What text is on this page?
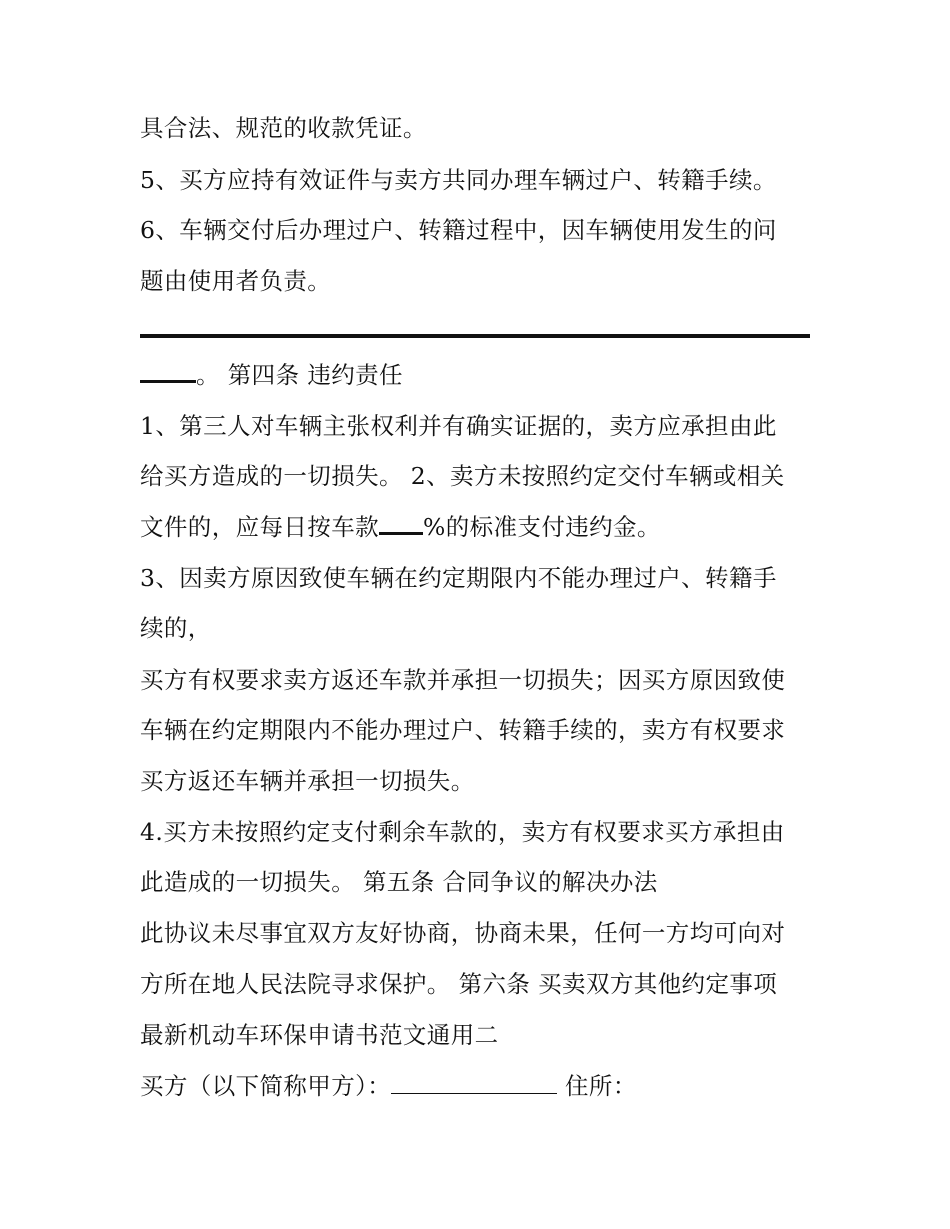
具合法、规范的收款凭证。
5、买方应持有效证件与卖方共同办理车辆过户、转籍手续。
6、车辆交付后办理过户、转籍过程中，因车辆使用发生的问
题由使用者负责。
。 第四条 违约责任
1、第三人对车辆主张权利并有确实证据的，卖方应承担由此
给买方造成的一切损失。 2、卖方未按照约定交付车辆或相关
文件的，应每日按车款 %的标准支付违约金。
3、因卖方原因致使车辆在约定期限内不能办理过户、转籍手
续的，
买方有权要求卖方返还车款并承担一切损失；因买方原因致使
车辆在约定期限内不能办理过户、转籍手续的，卖方有权要求
买方返还车辆并承担一切损失。
4.买方未按照约定支付剩余车款的，卖方有权要求买方承担由
此造成的一切损失。 第五条 合同争议的解决办法
此协议未尽事宜双方友好协商，协商未果，任何一方均可向对
方所在地人民法院寻求保护。 第六条 买卖双方其他约定事项
最新机动车环保申请书范文通用二
买方（以下简称甲方）：	住所：
